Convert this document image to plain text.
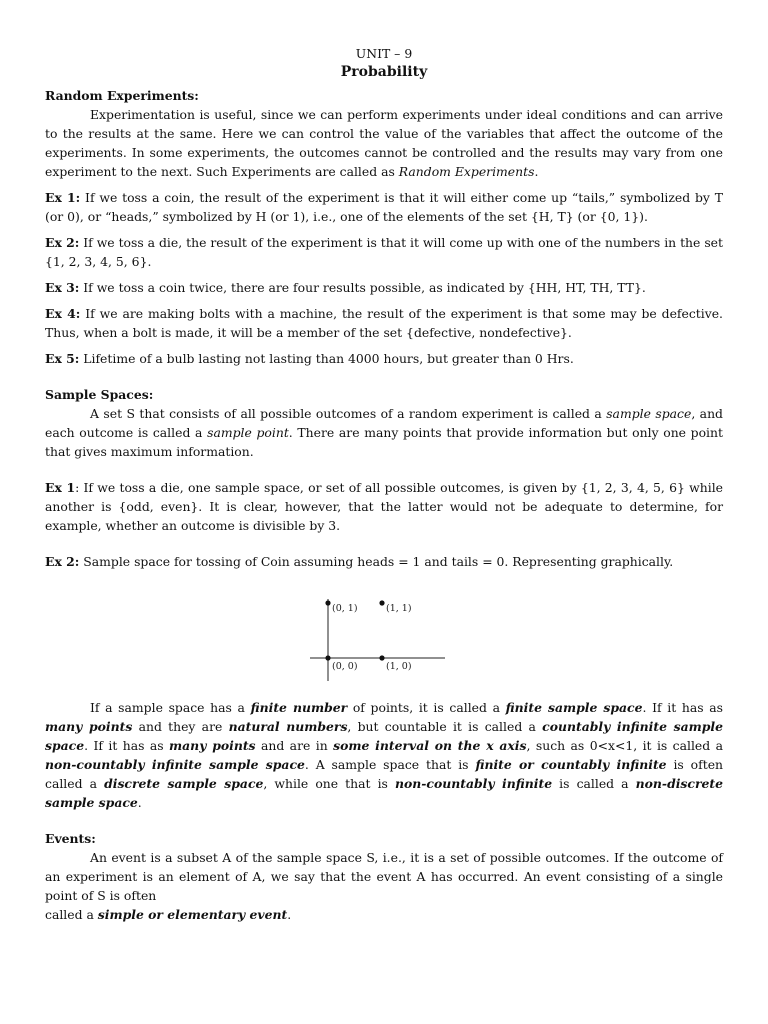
UNIT – 9
Probability
Random Experiments:

Experimentation is useful, since we can perform experiments under ideal conditions and can arrive to the results at the same. Here we can control the value of the variables that affect the outcome of the experiments. In some experiments, the outcomes cannot be controlled and the results may vary from one experiment to the next. Such Experiments are called as Random Experiments.

Ex 1: If we toss a coin, the result of the experiment is that it will either come up “tails,” symbolized by T (or 0), or “heads,” symbolized by H (or 1), i.e., one of the elements of the set {H, T} (or {0, 1}).

Ex 2: If we toss a die, the result of the experiment is that it will come up with one of the numbers in the set {1, 2, 3, 4, 5, 6}.

Ex 3: If we toss a coin twice, there are four results possible, as indicated by {HH, HT, TH, TT}.

Ex 4: If we are making bolts with a machine, the result of the experiment is that some may be defective. Thus, when a bolt is made, it will be a member of the set {defective, nondefective}.

Ex 5: Lifetime of a bulb lasting not lasting than 4000 hours, but greater than 0 Hrs.

Sample Spaces:

A set S that consists of all possible outcomes of a random experiment is called a sample space, and each outcome is called a sample point. There are many points that provide information but only one point that gives maximum information.

Ex 1: If we toss a die, one sample space, or set of all possible outcomes, is given by {1, 2, 3, 4, 5, 6} while another is {odd, even}. It is clear, however, that the latter would not be adequate to determine, for example, whether an outcome is divisible by 3.

Ex 2: Sample space for tossing of Coin assuming heads = 1 and tails = 0. Representing graphically.

(0, 1)	(1, 1)
(0, 0)	(1, 0)

If a sample space has a finite number of points, it is called a finite sample space. If it has as many points and they are natural numbers, but countable it is called a countably infinite sample space. If it has as many points and are in some interval on the x axis, such as 0<x<1, it is called a non-countably infinite sample space. A sample space that is finite or countably infinite is often called a discrete sample space, while one that is non-countably infinite is called a non-discrete sample space.

Events:

An event is a subset A of the sample space S, i.e., it is a set of possible outcomes. If the outcome of an experiment is an element of A, we say that the event A has occurred. An event consisting of a single point of S is often

called a simple or elementary event.
